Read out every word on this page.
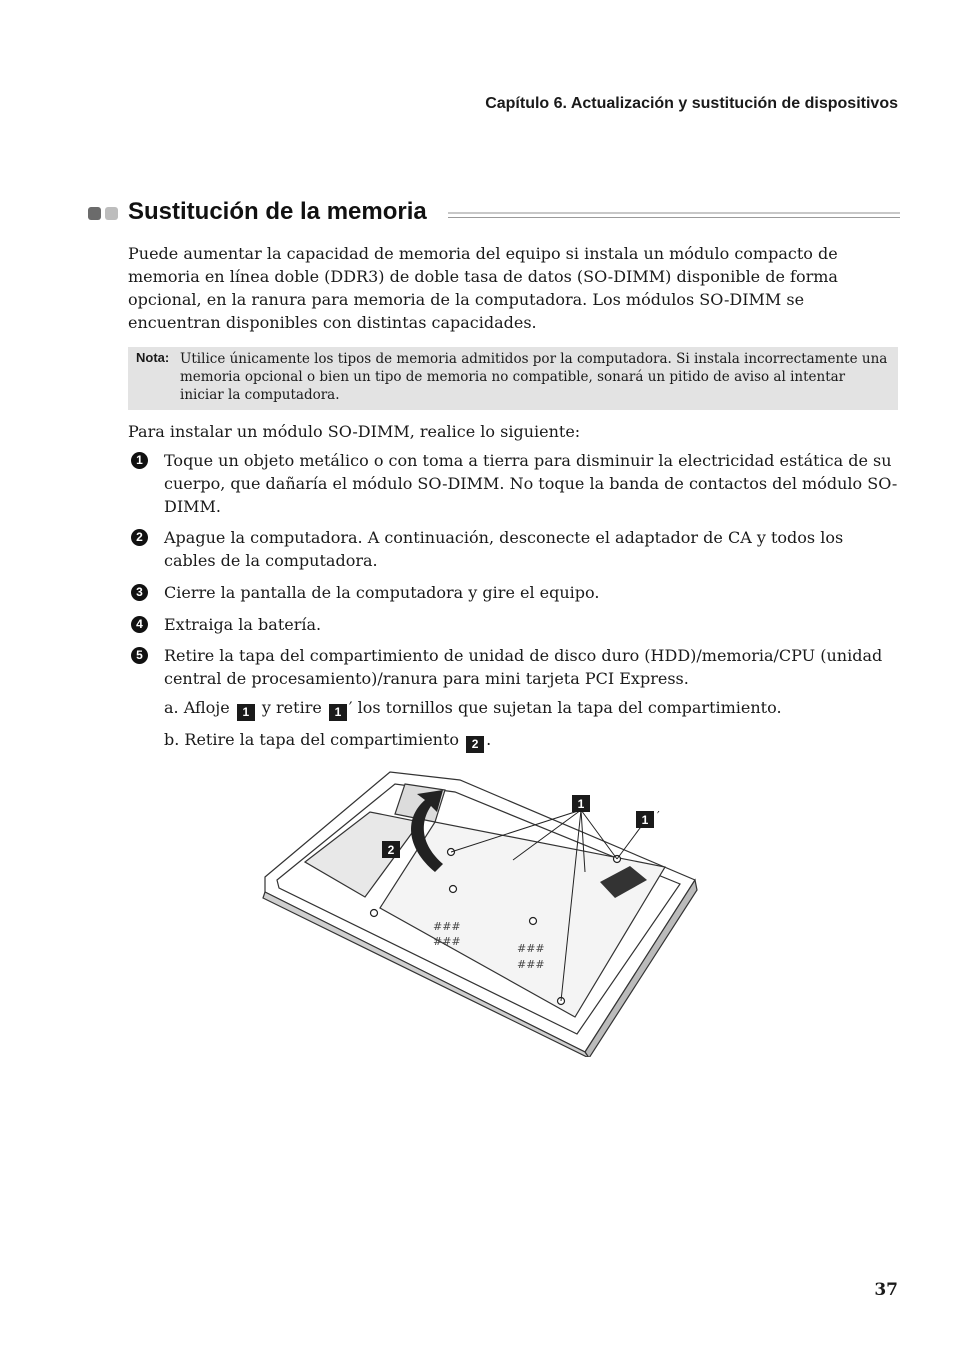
Capítulo 6. Actualización y sustitución de dispositivos
Sustitución de la memoria

Puede aumentar la capacidad de memoria del equipo si instala un módulo compacto de memoria en línea doble (DDR3) de doble tasa de datos (SO-DIMM) disponible de forma opcional, en la ranura para memoria de la computadora. Los módulos SO-DIMM se encuentran disponibles con distintas capacidades.

Nota: Utilice únicamente los tipos de memoria admitidos por la computadora. Si instala incorrectamente una memoria opcional o bien un tipo de memoria no compatible, sonará un pitido de aviso al intentar iniciar la computadora.

Para instalar un módulo SO-DIMM, realice lo siguiente:

1	Toque un objeto metálico o con toma a tierra para disminuir la electricidad estática de su cuerpo, que dañaría el módulo SO-DIMM. No toque la banda de contactos del módulo SO-DIMM.
2	Apague la computadora. A continuación, desconecte el adaptador de CA y todos los cables de la computadora.
3	Cierre la pantalla de la computadora y gire el equipo.
4	Extraiga la batería.
5	Retire la tapa del compartimiento de unidad de disco duro (HDD)/memoria/CPU (unidad central de procesamiento)/ranura para mini tarjeta PCI Express.
a. Afloje 1 y retire 1 ′ los tornillos que sujetan la tapa del compartimiento.
b. Retire la tapa del compartimiento 2 .
###
###
###
###
1
1 ′
2
37
